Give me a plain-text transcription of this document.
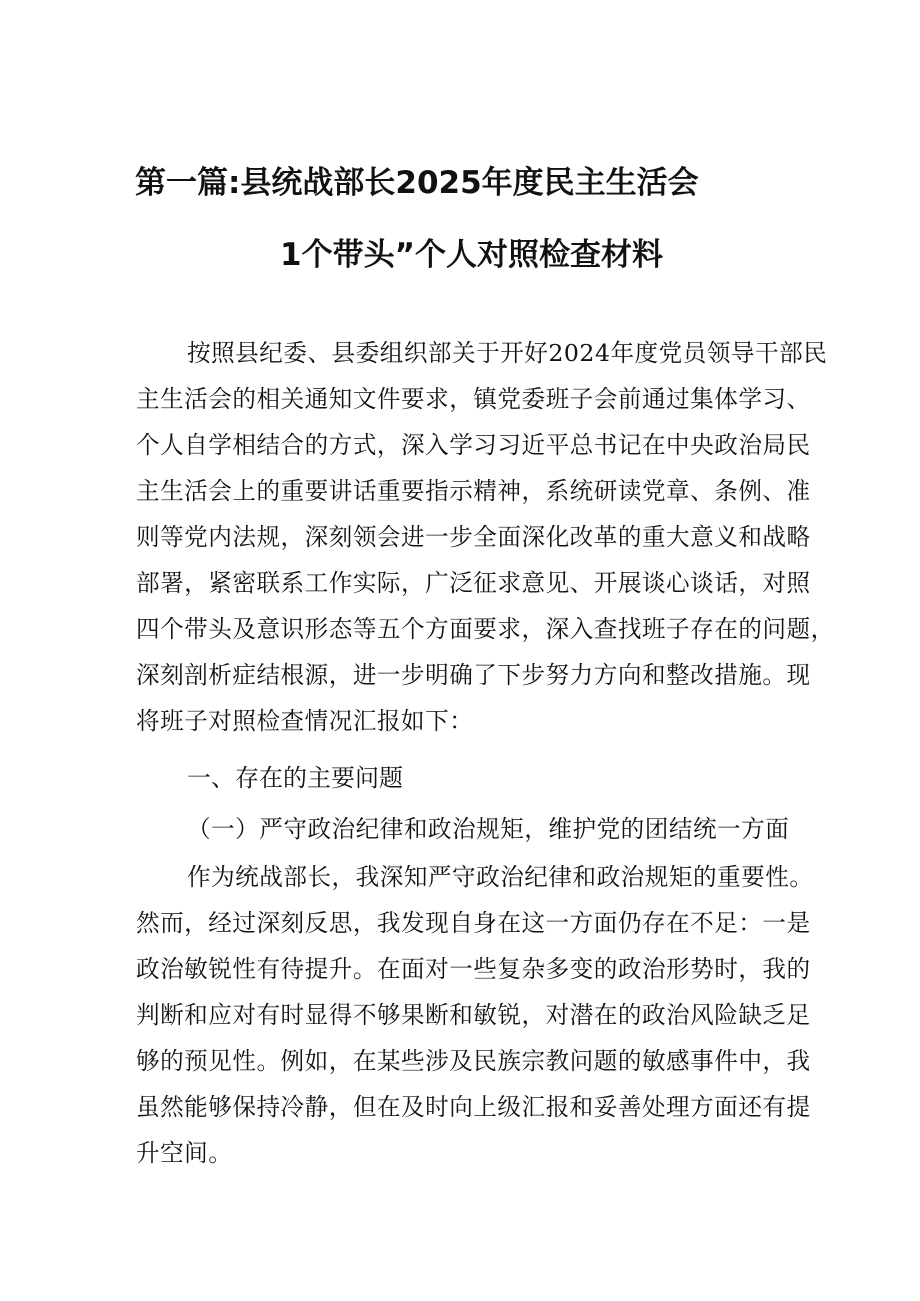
第一篇:县统战部长2025年度民主生活会
1个带头”个人对照检查材料
按照县纪委、县委组织部关于开好2024年度党员领导干部民
主生活会的相关通知文件要求，镇党委班子会前通过集体学习、
个人自学相结合的方式，深入学习习近平总书记在中央政治局民
主生活会上的重要讲话重要指示精神，系统研读党章、条例、准
则等党内法规，深刻领会进一步全面深化改革的重大意义和战略
部署，紧密联系工作实际，广泛征求意见、开展谈心谈话，对照
四个带头及意识形态等五个方面要求，深入查找班子存在的问题，
深刻剖析症结根源，进一步明确了下步努力方向和整改措施。现
将班子对照检查情况汇报如下：
一、存在的主要问题
（一）严守政治纪律和政治规矩，维护党的团结统一方面
作为统战部长，我深知严守政治纪律和政治规矩的重要性。
然而，经过深刻反思，我发现自身在这一方面仍存在不足：一是
政治敏锐性有待提升。在面对一些复杂多变的政治形势时，我的
判断和应对有时显得不够果断和敏锐，对潜在的政治风险缺乏足
够的预见性。例如，在某些涉及民族宗教问题的敏感事件中，我
虽然能够保持冷静，但在及时向上级汇报和妥善处理方面还有提
升空间。
